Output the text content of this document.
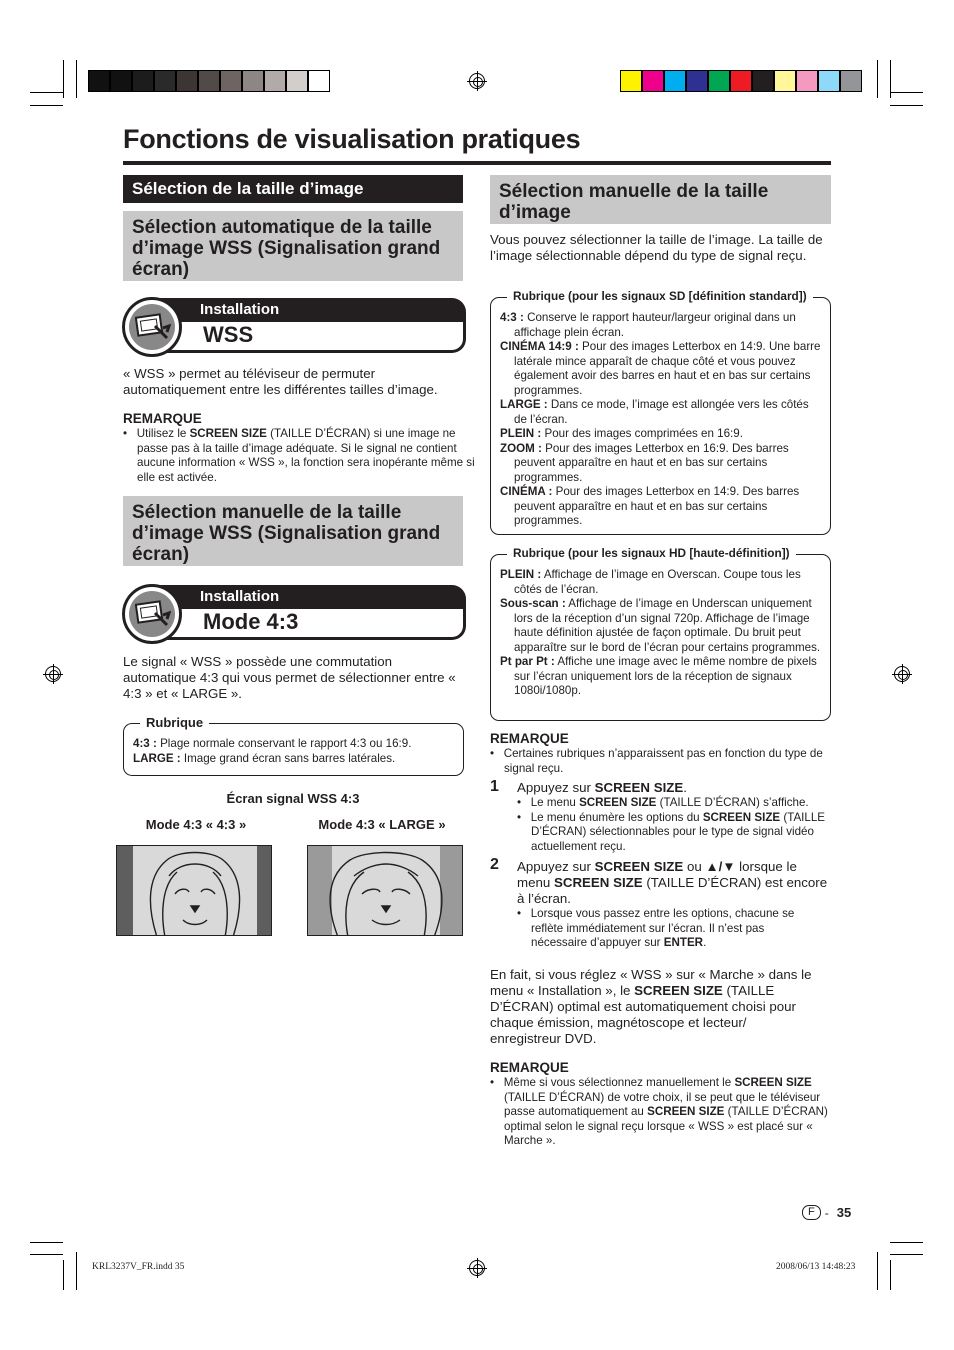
KRL3237V_FR.indd 35	2008/06/13 14:48:23
Fonctions de visualisation pratiques
Sélection de la taille d’image
Sélection automatique de la taille d’image WSS (Signalisation grand écran)
Installation
WSS
« WSS » permet au téléviseur de permuter automatiquement entre les différentes tailles d’image.
REMARQUE
•   Utilisez le SCREEN SIZE (TAILLE D’ÉCRAN) si une image ne passe pas à la taille d’image adéquate. Si le signal ne contient aucune information « WSS », la fonction sera inopérante même si elle est activée.
Sélection manuelle de la taille d’image WSS (Signalisation grand écran)
Installation
Mode 4:3
Le signal « WSS » possède une commutation automatique 4:3 qui vous permet de sélectionner entre « 4:3 » et « LARGE ».
Rubrique
4:3 : Plage normale conservant le rapport 4:3 ou 16:9.
LARGE : Image grand écran sans barres latérales.
Écran signal WSS 4:3
Mode 4:3 « 4:3 »	Mode 4:3 « LARGE »
Sélection manuelle de la taille d’image
Vous pouvez sélectionner la taille de l’image. La taille de l’image sélectionnable dépend du type de signal reçu.
Rubrique (pour les signaux SD [définition standard])
4:3 : Conserve le rapport hauteur/largeur original dans un affichage plein écran.
CINÉMA 14:9 : Pour des images Letterbox en 14:9. Une barre latérale mince apparaît de chaque côté et vous pouvez également avoir des barres en haut et en bas sur certains programmes.
LARGE : Dans ce mode, l’image est allongée vers les côtés de l’écran.
PLEIN : Pour des images comprimées en 16:9.
ZOOM : Pour des images Letterbox en 16:9. Des barres peuvent apparaître en haut et en bas sur certains programmes.
CINÉMA : Pour des images Letterbox en 14:9. Des barres peuvent apparaître en haut et en bas sur certains programmes.
Rubrique (pour les signaux HD [haute-définition])
PLEIN : Affichage de l’image en Overscan. Coupe tous les côtés de l’écran.
Sous-scan : Affichage de l’image en Underscan uniquement lors de la réception d’un signal 720p. Affichage de l’image haute définition ajustée de façon optimale. Du bruit peut apparaître sur le bord de l’écran pour certains programmes.
Pt par Pt : Affiche une image avec le même nombre de pixels sur l’écran uniquement lors de la réception de signaux 1080i/1080p.
REMARQUE
•   Certaines rubriques n’apparaissent pas en fonction du type de signal reçu.
1 Appuyez sur SCREEN SIZE.
•   Le menu SCREEN SIZE (TAILLE D’ÉCRAN) s’affiche.
•   Le menu énumère les options du SCREEN SIZE (TAILLE D’ÉCRAN) sélectionnables pour le type de signal vidéo actuellement reçu.
2 Appuyez sur SCREEN SIZE ou ▲/▼ lorsque le menu SCREEN SIZE (TAILLE D’ÉCRAN) est encore à l’écran.
•   Lorsque vous passez entre les options, chacune se reflète immédiatement sur l’écran. Il n’est pas nécessaire d’appuyer sur ENTER.
En fait, si vous réglez « WSS » sur « Marche » dans le menu « Installation », le SCREEN SIZE (TAILLE D’ÉCRAN) optimal est automatiquement choisi pour chaque émission, magnétoscope et lecteur/ enregistreur DVD.
REMARQUE
•   Même si vous sélectionnez manuellement le SCREEN SIZE (TAILLE D’ÉCRAN) de votre choix, il se peut que le téléviseur passe automatiquement au SCREEN SIZE (TAILLE D’ÉCRAN) optimal selon le signal reçu lorsque « WSS » est placé sur « Marche ».
F - 35
